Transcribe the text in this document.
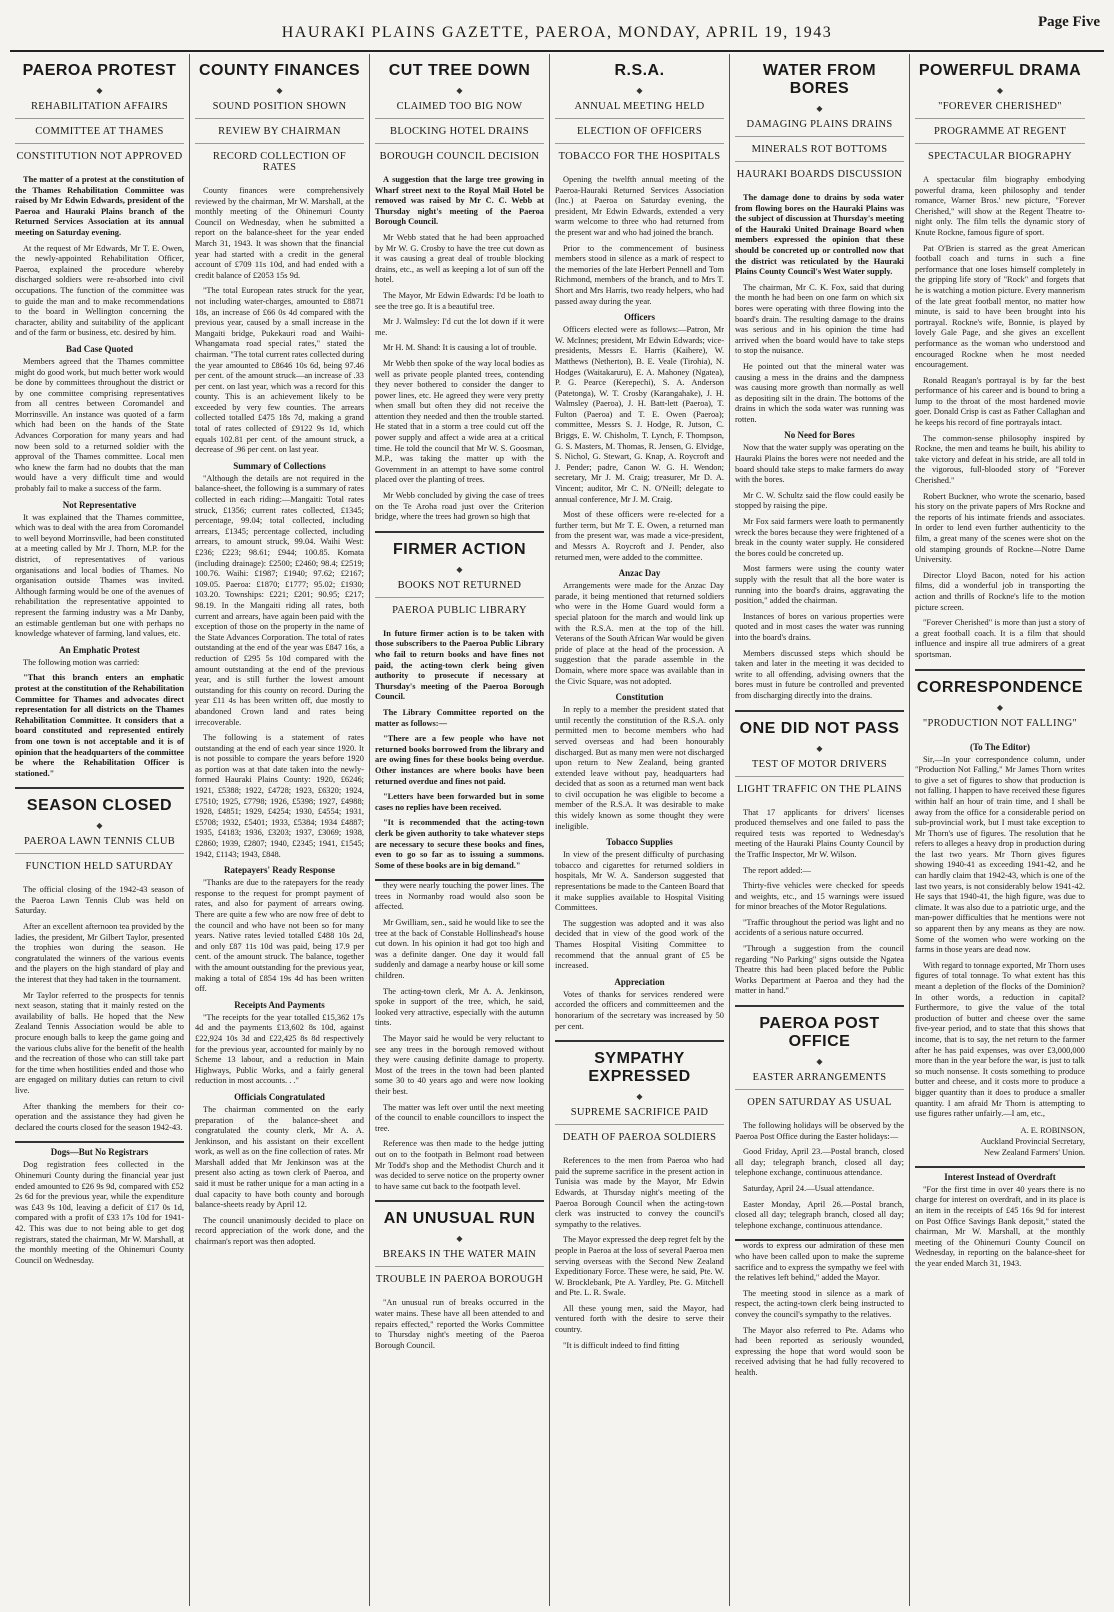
HAURAKI PLAINS GAZETTE, PAEROA, MONDAY, APRIL 19, 1943
Page Five
PAEROA PROTEST
◆
REHABILITATION AFFAIRS
COMMITTEE AT THAMES
CONSTITUTION NOT APPROVED

The matter of a protest at the constitution of the Thames Rehabilitation Committee was raised by Mr Edwin Edwards, president of the Paeroa and Hauraki Plains branch of the Returned Services Association at its annual meeting on Saturday evening.

At the request of Mr Edwards, Mr T. E. Owen, the newly-appointed Rehabilitation Officer, Paeroa, explained the procedure whereby discharged soldiers were re-absorbed into civil occupations. The function of the committee was to guide the man and to make recommendations to the board in Wellington concerning the character, ability and suitability of the applicant and of the farm or business, etc. desired by him.

Bad Case Quoted

Members agreed that the Thames committee might do good work, but much better work would be done by committees throughout the district or by one committee comprising representatives from all centres between Coromandel and Morrinsville. An instance was quoted of a farm which had been on the hands of the State Advances Corporation for many years and had now been sold to a returned soldier with the approval of the Thames committee. Local men who knew the farm had no doubts that the man would have a very difficult time and would probably fail to make a success of the farm.

Not Representative

It was explained that the Thames committee, which was to deal with the area from Coromandel to well beyond Morrinsville, had been constituted at a meeting called by Mr J. Thorn, M.P. for the district, of representatives of various organisations and local bodies of Thames. No organisation outside Thames was invited. Although farming would be one of the avenues of rehabilitation the representative appointed to represent the farming industry was a Mr Danby, an estimable gentleman but one with perhaps no knowledge whatever of farming, land values, etc.

An Emphatic Protest

The following motion was carried:

"That this branch enters an emphatic protest at the constitution of the Rehabilitation Committee for Thames and advocates direct representation for all districts on the Thames Rehabilitation Committee. It considers that a board constituted and represented entirely from one town is not acceptable and it is of opinion that the headquarters of the committee be where the Rehabilitation Officer is stationed."

SEASON CLOSED
◆
PAEROA LAWN TENNIS CLUB
FUNCTION HELD SATURDAY

The official closing of the 1942-43 season of the Paeroa Lawn Tennis Club was held on Saturday.

After an excellent afternoon tea provided by the ladies, the president, Mr Gilbert Taylor, presented the trophies won during the season. He congratulated the winners of the various events and the players on the high standard of play and the interest that they had taken in the tournament.

Mr Taylor referred to the prospects for tennis next season, stating that it mainly rested on the availability of balls. He hoped that the New Zealand Tennis Association would be able to procure enough balls to keep the game going and the various clubs alive for the benefit of the health and the recreation of those who can still take part for the time when hostilities ended and those who are engaged on military duties can return to civil live.

After thanking the members for their co-operation and the assistance they had given he declared the courts closed for the season 1942-43.

Dogs—But No Registrars

Dog registration fees collected in the Ohinemuri County during the financial year just ended amounted to £26 9s 9d, compared with £52 2s 6d for the previous year, while the expenditure was £43 9s 10d, leaving a deficit of £17 0s 1d, compared with a profit of £33 17s 10d for 1941-42. This was due to not being able to get dog registrars, stated the chairman, Mr W. Marshall, at the monthly meeting of the Ohinemuri County Council on Wednesday.

COUNTY FINANCES
◆
SOUND POSITION SHOWN
REVIEW BY CHAIRMAN
RECORD COLLECTION OF RATES

County finances were comprehensively reviewed by the chairman, Mr W. Marshall, at the monthly meeting of the Ohinemuri County Council on Wednesday, when he submitted a report on the balance-sheet for the year ended March 31, 1943. It was shown that the financial year had started with a credit in the general account of £709 11s 10d, and had ended with a credit balance of £2053 15s 9d.

"The total European rates struck for the year, not including water-charges, amounted to £8871 18s, an increase of £66 0s 4d compared with the previous year, caused by a small increase in the Mangaiti bridge, Pukekauri road and Waihi-Whangamata road special rates," stated the chairman. "The total current rates collected during the year amounted to £8646 10s 6d, being 97.46 per cent. of the amount struck—an increase of .33 per cent. on last year, which was a record for this county. This is an achievement likely to be exceeded by very few counties. The arrears collected totalled £475 18s 7d, making a grand total of rates collected of £9122 9s 1d, which equals 102.81 per cent. of the amount struck, a decrease of .96 per cent. on last year.

Summary of Collections

"Although the details are not required in the balance-sheet, the following is a summary of rates collected in each riding:—Mangaiti: Total rates struck, £1356; current rates collected, £1345; percentage, 99.04; total collected, including arrears, £1345; percentage collected, including arrears, to amount struck, 99.04. Waihi West: £236; £223; 98.61; £944; 100.85. Komata (including drainage): £2500; £2460; 98.4; £2519; 100.76. Waihi: £1987; £1940; 97.62; £2167; 109.05. Paeroa: £1870; £1777; 95.02; £1930; 103.20. Townships: £221; £201; 90.95; £217; 98.19. In the Mangaiti riding all rates, both current and arrears, have again been paid with the exception of those on the property in the name of the State Advances Corporation. The total of rates outstanding at the end of the year was £847 16s, a reduction of £295 5s 10d compared with the amount outstanding at the end of the previous year, and is still further the lowest amount outstanding for this county on record. During the year £11 4s has been written off, due mostly to abandoned Crown land and rates being irrecoverable.

The following is a statement of rates outstanding at the end of each year since 1920. It is not possible to compare the years before 1920 as portion was at that date taken into the newly-formed Hauraki Plains County: 1920, £6246; 1921, £5388; 1922, £4728; 1923, £6320; 1924, £7510; 1925, £7798; 1926, £5398; 1927, £4988; 1928, £4851; 1929, £4254; 1930, £4554; 1931, £5708; 1932, £5401; 1933, £5384; 1934 £4887; 1935, £4183; 1936, £3203; 1937, £3069; 1938, £2860; 1939, £2807; 1940, £2345; 1941, £1545; 1942, £1143; 1943, £848.

Ratepayers' Ready Response

"Thanks are due to the ratepayers for the ready response to the request for prompt payment of rates, and also for payment of arrears owing. There are quite a few who are now free of debt to the council and who have not been so for many years. Native rates levied totalled £488 10s 2d, and only £87 11s 10d was paid, being 17.9 per cent. of the amount struck. The balance, together with the amount outstanding for the previous year, making a total of £854 19s 4d has been written off.

Receipts And Payments

"The receipts for the year totalled £15,362 17s 4d and the payments £13,602 8s 10d, against £22,924 10s 3d and £22,425 8s 8d respectively for the previous year, accounted for mainly by no Scheme 13 labour, and a reduction in Main Highways, Public Works, and a fairly general reduction in most accounts. . ."

Officials Congratulated

The chairman commented on the early preparation of the balance-sheet and congratulated the county clerk, Mr A. A. Jenkinson, and his assistant on their excellent work, as well as on the fine collection of rates. Mr Marshall added that Mr Jenkinson was at the present also acting as town clerk of Paeroa, and said it must be rather unique for a man acting in a dual capacity to have both county and borough balance-sheets ready by April 12.

The council unanimously decided to place on record appreciation of the work done, and the chairman's report was then adopted.

CUT TREE DOWN
◆
CLAIMED TOO BIG NOW
BLOCKING HOTEL DRAINS
BOROUGH COUNCIL DECISION

A suggestion that the large tree growing in Wharf street next to the Royal Mail Hotel be removed was raised by Mr C. C. Webb at Thursday night's meeting of the Paeroa Borough Council.

Mr Webb stated that he had been approached by Mr W. G. Crosby to have the tree cut down as it was causing a great deal of trouble blocking drains, etc., as well as keeping a lot of sun off the hotel.

The Mayor, Mr Edwin Edwards: I'd be loath to see the tree go. It is a beautiful tree.

Mr J. Walmsley: I'd cut the lot down if it were me.

Mr H. M. Shand: It is causing a lot of trouble.

Mr Webb then spoke of the way local bodies as well as private people planted trees, contending they never bothered to consider the danger to power lines, etc. He agreed they were very pretty when small but often they did not receive the attention they needed and then the trouble started. He stated that in a storm a tree could cut off the power supply and affect a wide area at a critical time. He told the council that Mr W. S. Goosman, M.P., was taking the matter up with the Government in an attempt to have some control placed over the planting of trees.

Mr Webb concluded by giving the case of trees on the Te Aroha road just over the Criterion bridge, where the trees had grown so high that

FIRMER ACTION
◆
BOOKS NOT RETURNED
PAEROA PUBLIC LIBRARY

In future firmer action is to be taken with those subscribers to the Paeroa Public Library who fail to return books and have fines not paid, the acting-town clerk being given authority to prosecute if necessary at Thursday's meeting of the Paeroa Borough Council.

The Library Committee reported on the matter as follows:—

"There are a few people who have not returned books borrowed from the library and are owing fines for these books being overdue. Other instances are where books have been returned overdue and fines not paid.

"Letters have been forwarded but in some cases no replies have been received.

"It is recommended that the acting-town clerk be given authority to take whatever steps are necessary to secure these books and fines, even to go so far as to issuing a summons. Some of these books are in big demand."

they were nearly touching the power lines. The trees in Normanby road would also soon be affected.

Mr Gwilliam, sen., said he would like to see the tree at the back of Constable Hollinshead's house cut down. In his opinion it had got too high and was a definite danger. One day it would fall suddenly and damage a nearby house or kill some children.

The acting-town clerk, Mr A. A. Jenkinson, spoke in support of the tree, which, he said, looked very attractive, especially with the autumn tints.

The Mayor said he would be very reluctant to see any trees in the borough removed without they were causing definite damage to property. Most of the trees in the town had been planted some 30 to 40 years ago and were now looking their best.

The matter was left over until the next meeting of the council to enable councillors to inspect the tree.

Reference was then made to the hedge jutting out on to the footpath in Belmont road between Mr Todd's shop and the Methodist Church and it was decided to serve notice on the property owner to have same cut back to the footpath level.

AN UNUSUAL RUN
◆
BREAKS IN THE WATER MAIN
TROUBLE IN PAEROA BOROUGH

"An unusual run of breaks occurred in the water mains. These have all been attended to and repairs effected," reported the Works Committee to Thursday night's meeting of the Paeroa Borough Council.

R.S.A.
◆
ANNUAL MEETING HELD
ELECTION OF OFFICERS
TOBACCO FOR THE HOSPITALS

Opening the twelfth annual meeting of the Paeroa-Hauraki Returned Services Association (Inc.) at Paeroa on Saturday evening, the president, Mr Edwin Edwards, extended a very warm welcome to three who had returned from the present war and who had joined the branch.

Prior to the commencement of business members stood in silence as a mark of respect to the memories of the late Herbert Pennell and Tom Richmond, members of the branch, and to Mrs T. Short and Mrs Harris, two ready helpers, who had passed away during the year.

Officers

Officers elected were as follows:—Patron, Mr W. McInnes; president, Mr Edwin Edwards; vice-presidents, Messrs E. Harris (Kaihere), W. Matthews (Netherton), B. E. Veale (Tirohia), N. Hodges (Waitakaruru), E. A. Mahoney (Ngatea), P. G. Pearce (Kerepechi), S. A. Anderson (Patetonga), W. T. Crosby (Karangahake), J. H. Walmsley (Paeroa), J. H. Batt-lett (Paeroa), T. Fulton (Paeroa) and T. E. Owen (Paeroa); committee, Messrs S. J. Hodge, R. Jutson, C. Briggs, E. W. Chisholm, T. Lynch, F. Thompson, G. S. Masters, M. Thomas, R. Jensen, G. Elvidge, S. Nichol, G. Stewart, G. Knap, A. Roycroft and J. Pender; padre, Canon W. G. H. Wendon; secretary, Mr J. M. Craig; treasurer, Mr D. A. Vincent; auditor, Mr C. N. O'Neill; delegate to annual conference, Mr J. M. Craig.

Most of these officers were re-elected for a further term, but Mr T. E. Owen, a returned man from the present war, was made a vice-president, and Messrs A. Roycroft and J. Pender, also returned men, were added to the committee.

Anzac Day

Arrangements were made for the Anzac Day parade, it being mentioned that returned soldiers who were in the Home Guard would form a special platoon for the march and would link up with the R.S.A. men at the top of the hill. Veterans of the South African War would be given pride of place at the head of the procession. A suggestion that the parade assemble in the Domain, where more space was available than in the Civic Square, was not adopted.

Constitution

In reply to a member the president stated that until recently the constitution of the R.S.A. only permitted men to become members who had served overseas and had been honourably discharged. But as many men were not discharged upon return to New Zealand, being granted extended leave without pay, headquarters had decided that as soon as a returned man went back to civil occupation he was eligible to become a member of the R.S.A. It was desirable to make this widely known as some thought they were ineligible.

Tobacco Supplies

In view of the present difficulty of purchasing tobacco and cigarettes for returned soldiers in hospitals, Mr W. A. Sanderson suggested that representations be made to the Canteen Board that it make supplies available to Hospital Visiting Committees.

The suggestion was adopted and it was also decided that in view of the good work of the Thames Hospital Visiting Committee to recommend that the annual grant of £5 be increased.

Appreciation

Votes of thanks for services rendered were accorded the officers and committeemen and the honorarium of the secretary was increased by 50 per cent.

SYMPATHY EXPRESSED
◆
SUPREME SACRIFICE PAID
DEATH OF PAEROA SOLDIERS

References to the men from Paeroa who had paid the supreme sacrifice in the present action in Tunisia was made by the Mayor, Mr Edwin Edwards, at Thursday night's meeting of the Paeroa Borough Council when the acting-town clerk was instructed to convey the council's sympathy to the relatives.

The Mayor expressed the deep regret felt by the people in Paeroa at the loss of several Paeroa men serving overseas with the Second New Zealand Expeditionary Force. These were, he said, Pte. W. W. Brocklebank, Pte A. Yardley, Pte. G. Mitchell and Pte. L. R. Swale.

All these young men, said the Mayor, had ventured forth with the desire to serve their country.

"It is difficult indeed to find fitting

WATER FROM BORES
◆
DAMAGING PLAINS DRAINS
MINERALS ROT BOTTOMS
HAURAKI BOARDS DISCUSSION

The damage done to drains by soda water from flowing bores on the Hauraki Plains was the subject of discussion at Thursday's meeting of the Hauraki United Drainage Board when members expressed the opinion that these should be concreted up or controlled now that the district was reticulated by the Hauraki Plains County Council's West Water supply.

The chairman, Mr C. K. Fox, said that during the month he had been on one farm on which six bores were operating with three flowing into the board's drain. The resulting damage to the drains was serious and in his opinion the time had arrived when the board would have to take steps to stop the nuisance.

He pointed out that the mineral water was causing a mess in the drains and the dampness was causing more growth than normally as well as depositing silt in the drain. The bottoms of the drains in which the soda water was running was rotten.

No Need for Bores

Now that the water supply was operating on the Hauraki Plains the bores were not needed and the board should take steps to make farmers do away with the bores.

Mr C. W. Schultz said the flow could easily be stopped by raising the pipe.

Mr Fox said farmers were loath to permanently wreck the bores because they were frightened of a break in the county water supply. He considered the bores could be concreted up.

Most farmers were using the county water supply with the result that all the bore water is running into the board's drains, aggravating the position," added the chairman.

Instances of bores on various properties were quoted and in most cases the water was running into the board's drains.

Members discussed steps which should be taken and later in the meeting it was decided to write to all offending, advising owners that the bores must in future be controlled and prevented from discharging directly into the drains.

ONE DID NOT PASS
◆
TEST OF MOTOR DRIVERS
LIGHT TRAFFIC ON THE PLAINS

That 17 applicants for drivers' licenses produced themselves and one failed to pass the required tests was reported to Wednesday's meeting of the Hauraki Plains County Council by the Traffic Inspector, Mr W. Wilson.

The report added:—

Thirty-five vehicles were checked for speeds and weights, etc., and 15 warnings were issued for minor breaches of the Motor Regulations.

"Traffic throughout the period was light and no accidents of a serious nature occurred.

"Through a suggestion from the council regarding "No Parking" signs outside the Ngatea Theatre this had been placed before the Public Works Department at Paeroa and they had the matter in hand."

PAEROA POST OFFICE
◆
EASTER ARRANGEMENTS
OPEN SATURDAY AS USUAL

The following holidays will be observed by the Paeroa Post Office during the Easter holidays:—

Good Friday, April 23.—Postal branch, closed all day; telegraph branch, closed all day; telephone exchange, continuous attendance.

Saturday, April 24.—Usual attendance.

Easter Monday, April 26.—Postal branch, closed all day; telegraph branch, closed all day; telephone exchange, continuous attendance.

words to express our admiration of these men who have been called upon to make the supreme sacrifice and to express the sympathy we feel with the relatives left behind," added the Mayor.

The meeting stood in silence as a mark of respect, the acting-town clerk being instructed to convey the council's sympathy to the relatives.

The Mayor also referred to Pte. Adams who had been reported as seriously wounded, expressing the hope that word would soon be received advising that he had fully recovered to health.

POWERFUL DRAMA
◆
"FOREVER CHERISHED"
PROGRAMME AT REGENT
SPECTACULAR BIOGRAPHY

A spectacular film biography embodying powerful drama, keen philosophy and tender romance, Warner Bros.' new picture, "Forever Cherished," will show at the Regent Theatre to-night only. The film tells the dynamic story of Knute Rockne, famous figure of sport.

Pat O'Brien is starred as the great American football coach and turns in such a fine performance that one loses himself completely in the gripping life story of "Rock" and forgets that he is watching a motion picture. Every mannerism of the late great football mentor, no matter how minute, is said to have been brought into his portrayal. Rockne's wife, Bonnie, is played by lovely Gale Page, and she gives an excellent performance as the woman who understood and encouraged Rockne when he most needed encouragement.

Ronald Reagan's portrayal is by far the best performance of his career and is bound to bring a lump to the throat of the most hardened movie goer. Donald Crisp is cast as Father Callaghan and he keeps his record of fine portrayals intact.

The common-sense philosophy inspired by Rockne, the men and teams he built, his ability to take victory and defeat in his stride, are all told in the vigorous, full-blooded story of "Forever Cherished."

Robert Buckner, who wrote the scenario, based his story on the private papers of Mrs Rockne and the reports of his intimate friends and associates. In order to lend even further authenticity to the film, a great many of the scenes were shot on the old stamping grounds of Rockne—Notre Dame University.

Director Lloyd Bacon, noted for his action films, did a wonderful job in transporting the action and thrills of Rockne's life to the motion picture screen.

"Forever Cherished" is more than just a story of a great football coach. It is a film that should influence and inspire all true admirers of a great sportsman.

CORRESPONDENCE
◆
"PRODUCTION NOT FALLING"
(To The Editor)

Sir,—In your correspondence column, under "Production Not Falling," Mr James Thorn writes to give a set of figures to show that production is not falling. I happen to have received these figures within half an hour of train time, and I shall be away from the office for a considerable period on sub-provincial work, but I must take exception to Mr Thorn's use of figures. The resolution that he refers to alleges a heavy drop in production during the last two years. Mr Thorn gives figures showing 1940-41 as exceeding 1941-42, and he can hardly claim that 1942-43, which is one of the last two years, is not considerably below 1941-42. He says that 1940-41, the high figure, was due to climate. It was also due to a patriotic urge, and the man-power difficulties that he mentions were not so apparent then by any means as they are now. Some of the women who were working on the farms in those years are dead now.

With regard to tonnage exported, Mr Thorn uses figures of total tonnage. To what extent has this meant a depletion of the flocks of the Dominion? In other words, a reduction in capital? Furthermore, to give the value of the total production of butter and cheese over the same five-year period, and to state that this shows that income, that is to say, the net return to the farmer after he has paid expenses, was over £3,000,000 more than in the year before the war, is just to talk so much nonsense. It costs something to produce butter and cheese, and it costs more to produce a bigger quantity than it does to produce a smaller quantity. I am afraid Mr Thorn is attempting to use figures rather unfairly.—I am, etc.,

A. E. ROBINSON,
Auckland Provincial Secretary,
New Zealand Farmers' Union.
Interest Instead of Overdraft

"For the first time in over 40 years there is no charge for interest on overdraft, and in its place is an item in the receipts of £45 16s 9d for interest on Post Office Savings Bank deposit," stated the chairman, Mr W. Marshall, at the monthly meeting of the Ohinemuri County Council on Wednesday, in reporting on the balance-sheet for the year ended March 31, 1943.
